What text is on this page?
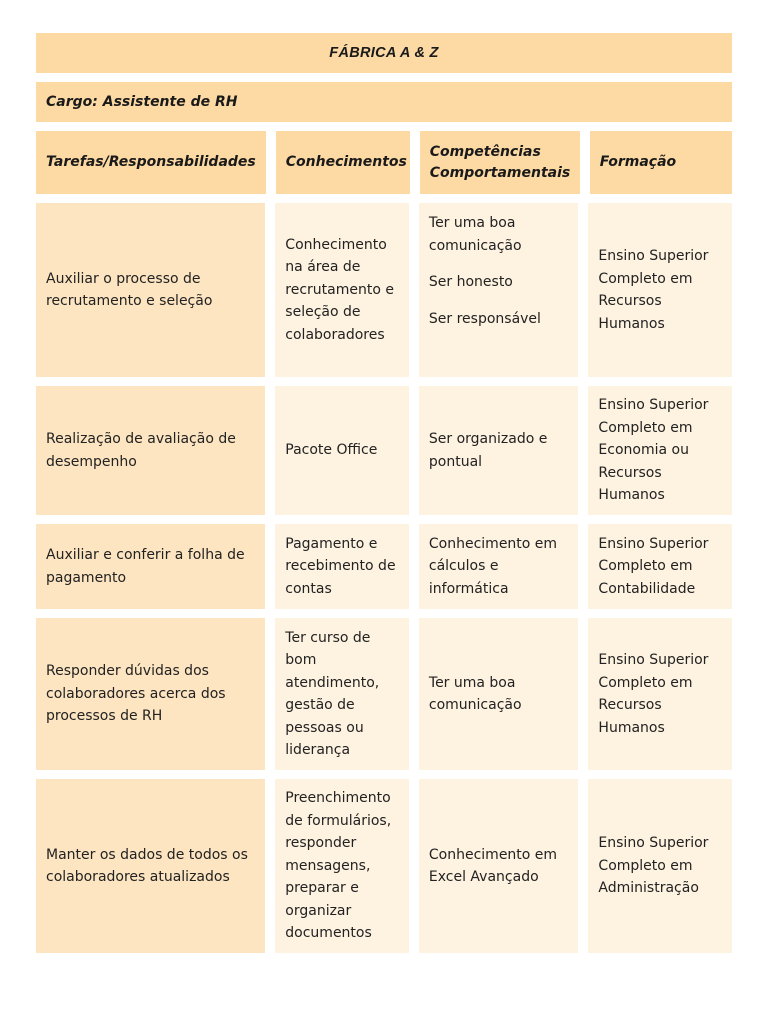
FÁBRICA A & Z
Cargo: Assistente de RH
Tarefas/Responsabilidades	Conhecimentos
Competências Comportamentais
Formação
Auxiliar o processo de recrutamento e seleção
Conhecimento na área de recrutamento e seleção de colaboradores
Ter uma boa comunicação
Ser honesto
Ser responsável
Ensino Superior Completo em Recursos Humanos
Realização de avaliação de desempenho
Pacote Office
Ser organizado e pontual
Ensino Superior Completo em Economia ou Recursos Humanos
Auxiliar e conferir a folha de pagamento
Pagamento e recebimento de contas
Conhecimento em cálculos e informática
Ensino Superior Completo em Contabilidade
Responder dúvidas dos colaboradores acerca dos processos de RH
Ter curso de bom atendimento, gestão de pessoas ou liderança
Ter uma boa comunicação
Ensino Superior Completo em Recursos Humanos
Manter os dados de todos os colaboradores atualizados
Preenchimento de formulários, responder mensagens, preparar e organizar documentos
Conhecimento em Excel Avançado
Ensino Superior Completo em Administração
